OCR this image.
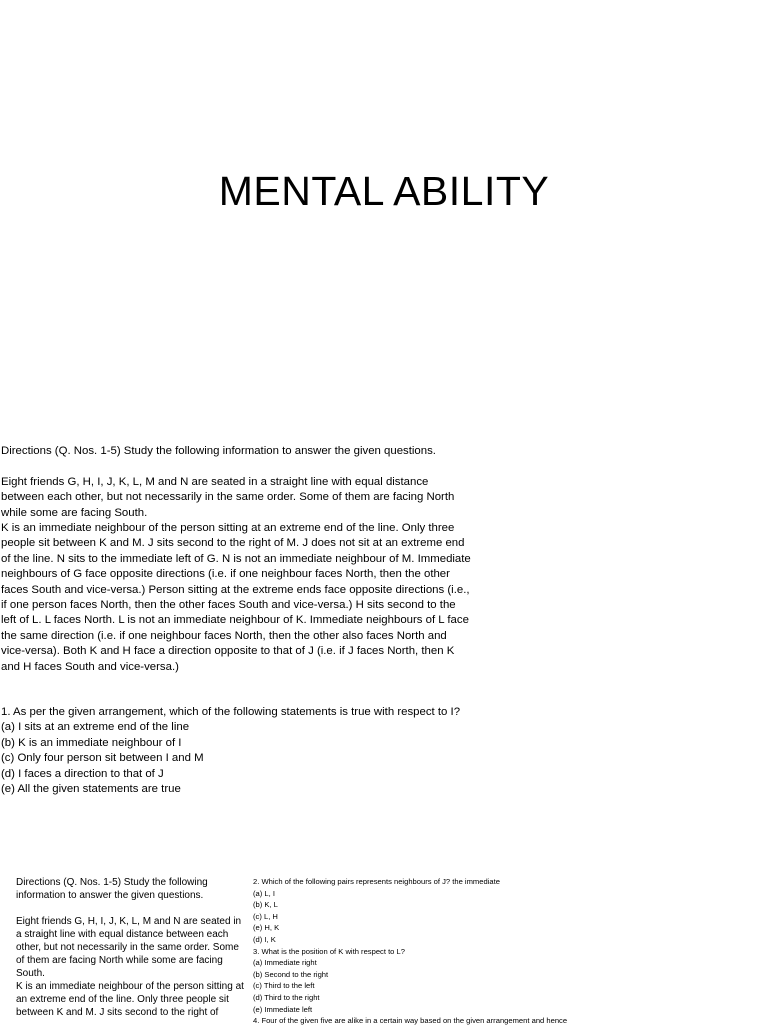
MENTAL ABILITY

Directions (Q. Nos. 1-5) Study the following information to answer the given questions.

Eight friends G, H, I, J, K, L, M and N are seated in a straight line with equal distance between each other, but not necessarily in the same order. Some of them are facing North while some are facing South.

K is an immediate neighbour of the person sitting at an extreme end of the line. Only three people sit between K and M. J sits second to the right of M. J does not sit at an extreme end of the line. N sits to the immediate left of G. N is not an immediate neighbour of M. Immediate neighbours of G face opposite directions (i.e. if one neighbour faces North, then the other faces South and vice-versa.) Person sitting at the extreme ends face opposite directions (i.e., if one person faces North, then the other faces South and vice-versa.) H sits second to the left of L. L faces North. L is not an immediate neighbour of K. Immediate neighbours of L face the same direction (i.e. if one neighbour faces North, then the other also faces North and vice-versa). Both K and H face a direction opposite to that of J (i.e. if J faces North, then K and H faces South and vice-versa.)

1. As per the given arrangement, which of the following statements is true with respect to I?

(a) I sits at an extreme end of the line
(b) K is an immediate neighbour of I
(c) Only four person sit between I and M
(d) I faces a direction to that of J
(e) All the given statements are true

Directions (Q. Nos. 1-5) Study the following information to answer the given questions.

Eight friends G, H, I, J, K, L, M and N are seated in a straight line with equal distance between each other, but not necessarily in the same order. Some of them are facing North while some are facing South.

K is an immediate neighbour of the person sitting at an extreme end of the line. Only three people sit between K and M. J sits second to the right of

2. Which of the following pairs represents neighbours of J? the immediate
(a) L, I
(b) K, L
(c) L, H
(e) H, K
(d) I, K
3. What is the position of K with respect to L?
(a) Immediate right
(b) Second to the right
(c) Third to the left
(d) Third to the right
(e) Immediate left
4. Four of the given five are alike in a certain way based on the given arrangement and hence
